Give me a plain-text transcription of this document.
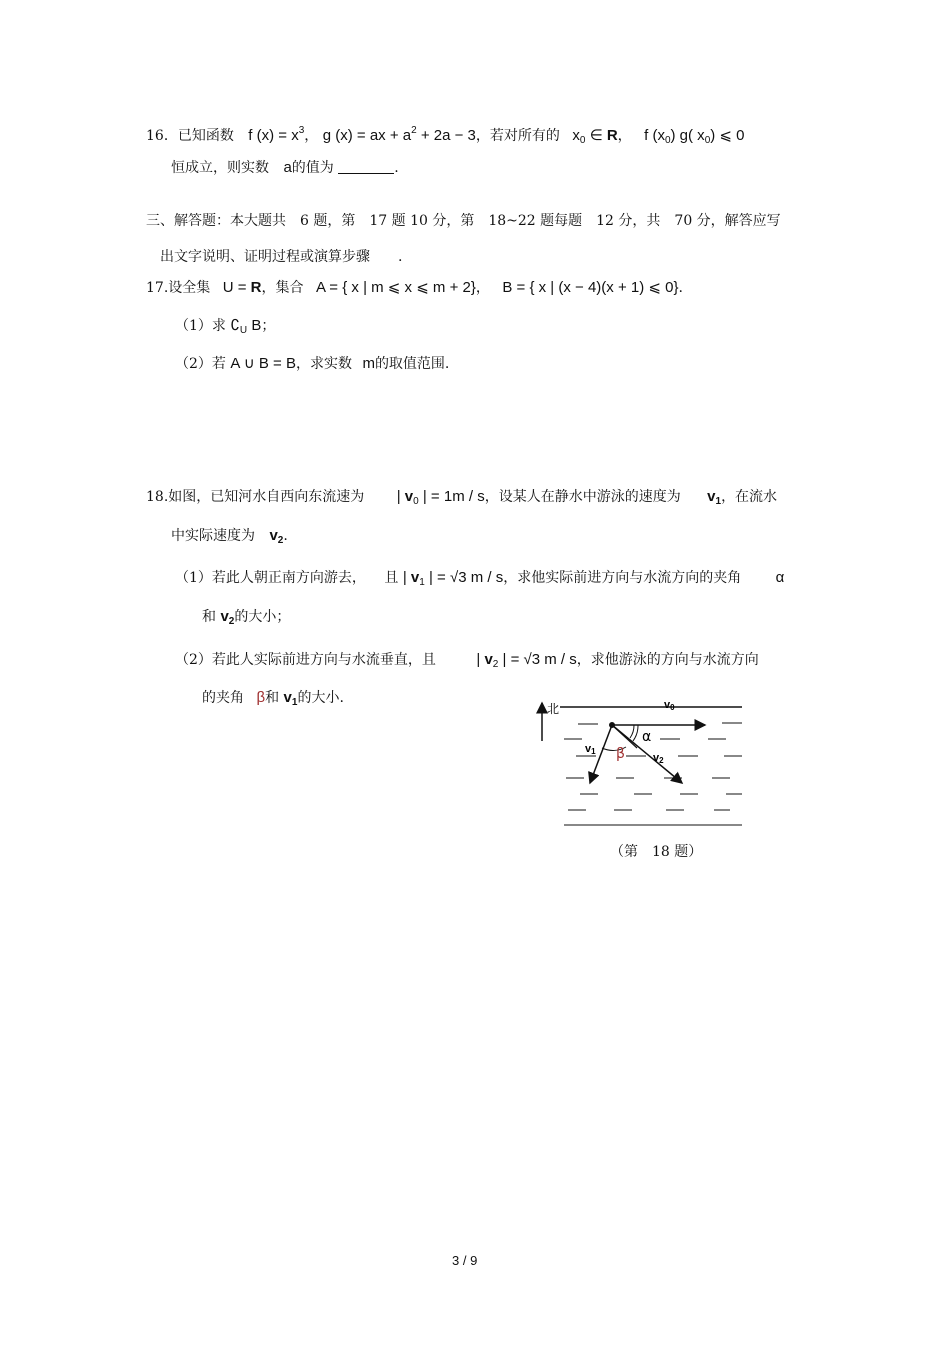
16．已知函数 f $(x) = x^3$， g (x) = ax + $a^2 + 2a - 3$，若对所有的 $x_0$ ∈ R， f $(x_0)$ g( $x_0$) ⩽ 0
恒成立，则实数 a的值为	.
三、解答题：本大题共　6 题，第　17 题 10 分，第　18~22 题每题　12 分，共　70 分，解答应写
出文字说明、证明过程或演算步骤　　.
17.设全集 U = R，集合 A = { x | m ⩽ x ⩽ m + 2}， B = { x | (x − 4)(x + 1) ⩽ 0}.
（1）求 $∁_U$ B；
（2）若 A ∪ B = B，求实数 m的取值范围.
18.如图，已知河水自西向东流速为 | $v_0$ | = 1m / s，设某人在静水中游泳的速度为 $v_1$，在流水
中实际速度为 $v_2$.
（1）若此人朝正南方向游去， 且 | $v_1$ | = √3 m / s，求他实际前进方向与水流方向的夹角 α
和 $v_2$的大小；
（2）若此人实际前进方向与水流垂直，且	| $v_2$ | = √3 m / s，求他游泳的方向与水流方向
的夹角 β和 $v_1$的大小.
北	v0
v1
v2
α
β
（第　18 题）
3 / 9
